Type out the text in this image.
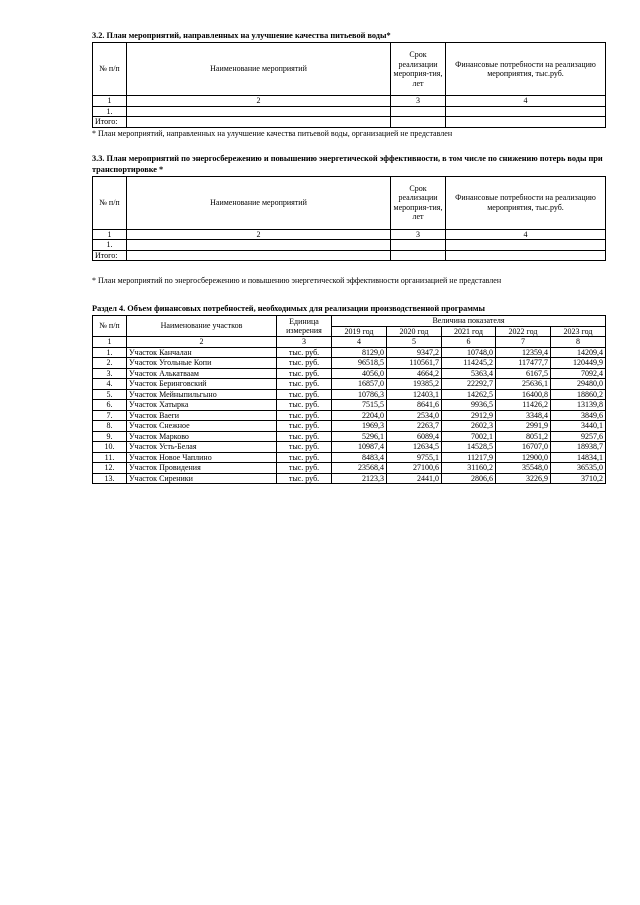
3.2. План мероприятий, направленных на улучшение качества питьевой воды*
№ п/п	Наименование мероприятий	Срок реализации мероприя-тия, лет	Финансовые потребности на реализацию мероприятия, тыс.руб.
1	2	3	4
1.			
Итого:			
* План мероприятий, направленных на улучшение качества питьевой воды, организацией не представлен
3.3. План мероприятий по энергосбережению и повышению энергетической эффективности, в том числе по снижению потерь воды при транспортировке *
№ п/п	Наименование мероприятий	Срок реализации мероприя-тия, лет	Финансовые потребности на реализацию мероприятия, тыс.руб.
1	2	3	4
1.			
Итого:			
* План мероприятий по энергосбережению и повышению энергетической эффективности организацией не представлен
Раздел 4. Объем финансовых потребностей, необходимых для реализации производственной программы
№ п/п	Наименование участков	Единица измерения	Величина показателя				
			2019 год	2020 год	2021 год	2022 год	2023 год
1	2	3	4	5	6	7	8
1.	Участок Канчалан	тыс. руб.	8129,0	9347,2	10748,0	12359,4	14209,4
2.	Участок Угольные Копи	тыс. руб.	96518,5	110561,7	114245,2	117477,7	120449,9
3.	Участок Алькатваам	тыс. руб.	4056,0	4664,2	5363,4	6167,5	7092,4
4.	Участок Беринговский	тыс. руб.	16857,0	19385,2	22292,7	25636,1	29480,0
5.	Участок Мейныпильгыно	тыс. руб.	10786,3	12403,1	14262,5	16400,8	18860,2
6.	Участок Хатырка	тыс. руб.	7515,5	8641,6	9936,5	11426,2	13139,8
7.	Участок Ваеги	тыс. руб.	2204,0	2534,0	2912,9	3348,4	3849,6
8.	Участок Снежное	тыс. руб.	1969,3	2263,7	2602,3	2991,9	3440,1
9.	Участок Марково	тыс. руб.	5296,1	6089,4	7002,1	8051,2	9257,6
10.	Участок Усть-Белая	тыс. руб.	10987,4	12634,5	14528,5	16707,0	18938,7
11.	Участок Новое Чаплино	тыс. руб.	8483,4	9755,1	11217,9	12900,0	14834,1
12.	Участок Провидения	тыс. руб.	23568,4	27100,6	31160,2	35548,0	36535,0
13.	Участок Сиреники	тыс. руб.	2123,3	2441,0	2806,6	3226,9	3710,2
